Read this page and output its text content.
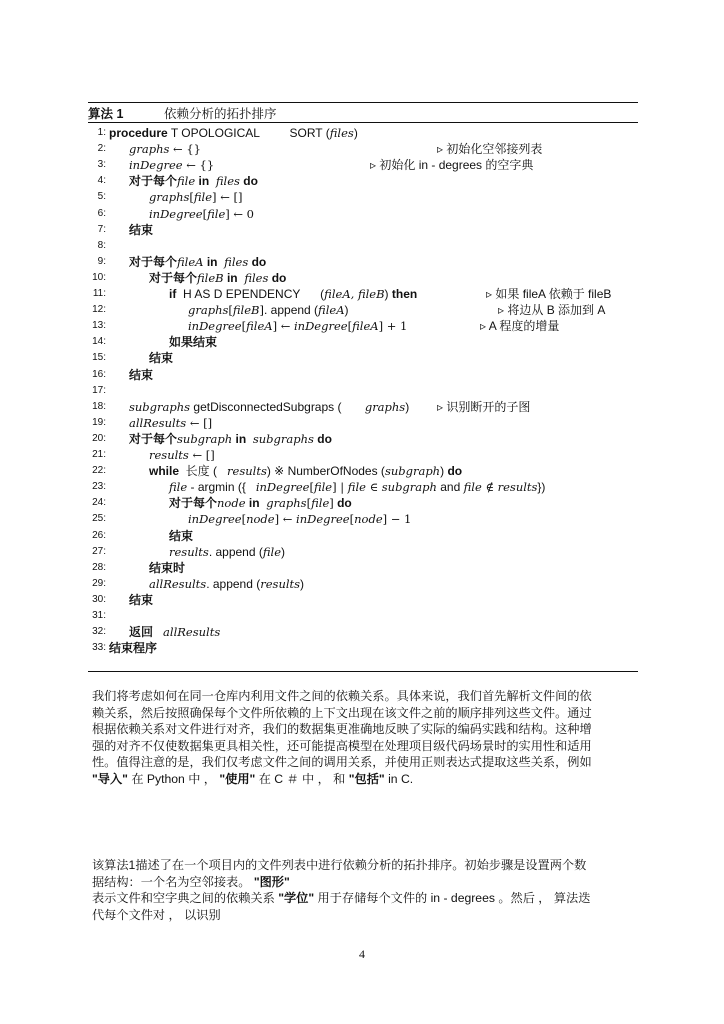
算法 1	依赖分析的拓扑排序
1: procedure T OPOLOGICAL         SORT (files)
2: graphs ← {}	▹ 初始化空邻接列表
3: inDegree ← {}	▹ 初始化 in - degrees 的空字典
4: 对于每个file in files do
5:	graphs[file] ← []
6:	inDegree[file] ← 0
7: 结束
8:
9: 对于每个fileA in files do
10:	对于每个fileB in files do
11:	if H AS D EPENDENCY      (fileA, fileB) then	▹ 如果 fileA 依赖于 fileB
12:	graphs[fileB]. append (fileA)	▹ 将边从 B 添加到 A
13:	inDegree[fileA] ← inDegree[fileA] + 1	▹ A 程度的增量
14:	如果结束
15:	结束
16: 结束
17:
18: subgraphs getDisconnectedSubgraps (       graphs) ▹ 识别断开的子图
19: allResults ← []
20: 对于每个subgraph in subgraphs do
21:	results ← []
22:	while  长度 (   results) ※ NumberOfNodes (subgraph) do
23:	file - argmin ({   inDegree[file] | file ∈ subgraph and file ∉ results})
24:	对于每个node in graphs[file] do
25:	inDegree[node] ← inDegree[node] − 1
26:	结束
27:	results. append (file)
28:	结束时
29:	allResults. append (results)
30: 结束
31:
32: 返回 allResults
33: 结束程序
我们将考虑如何在同一仓库内利用文件之间的依赖关系。具体来说，我们首先解析文件间的依
赖关系，然后按照确保每个文件所依赖的上下文出现在该文件之前的顺序排列这些文件。通过
根据依赖关系对文件进行对齐，我们的数据集更准确地反映了实际的编码实践和结构。这种增
强的对齐不仅使数据集更具相关性，还可能提高模型在处理项目级代码场景时的实用性和适用
性。值得注意的是，我们仅考虑文件之间的调用关系，并使用正则表达式提取这些关系，例如
"导入" 在 Python 中 ， "使用" 在 C ＃ 中 ， 和 "包括" in C.
该算法1描述了在一个项目内的文件列表中进行依赖分析的拓扑排序。初始步骤是设置两个数
据结构：一个名为空邻接表。 "图形"
表示文件和空字典之间的依赖关系 "学位" 用于存储每个文件的 in - degrees 。然后 ， 算法迭
代每个文件对 ， 以识别
4
